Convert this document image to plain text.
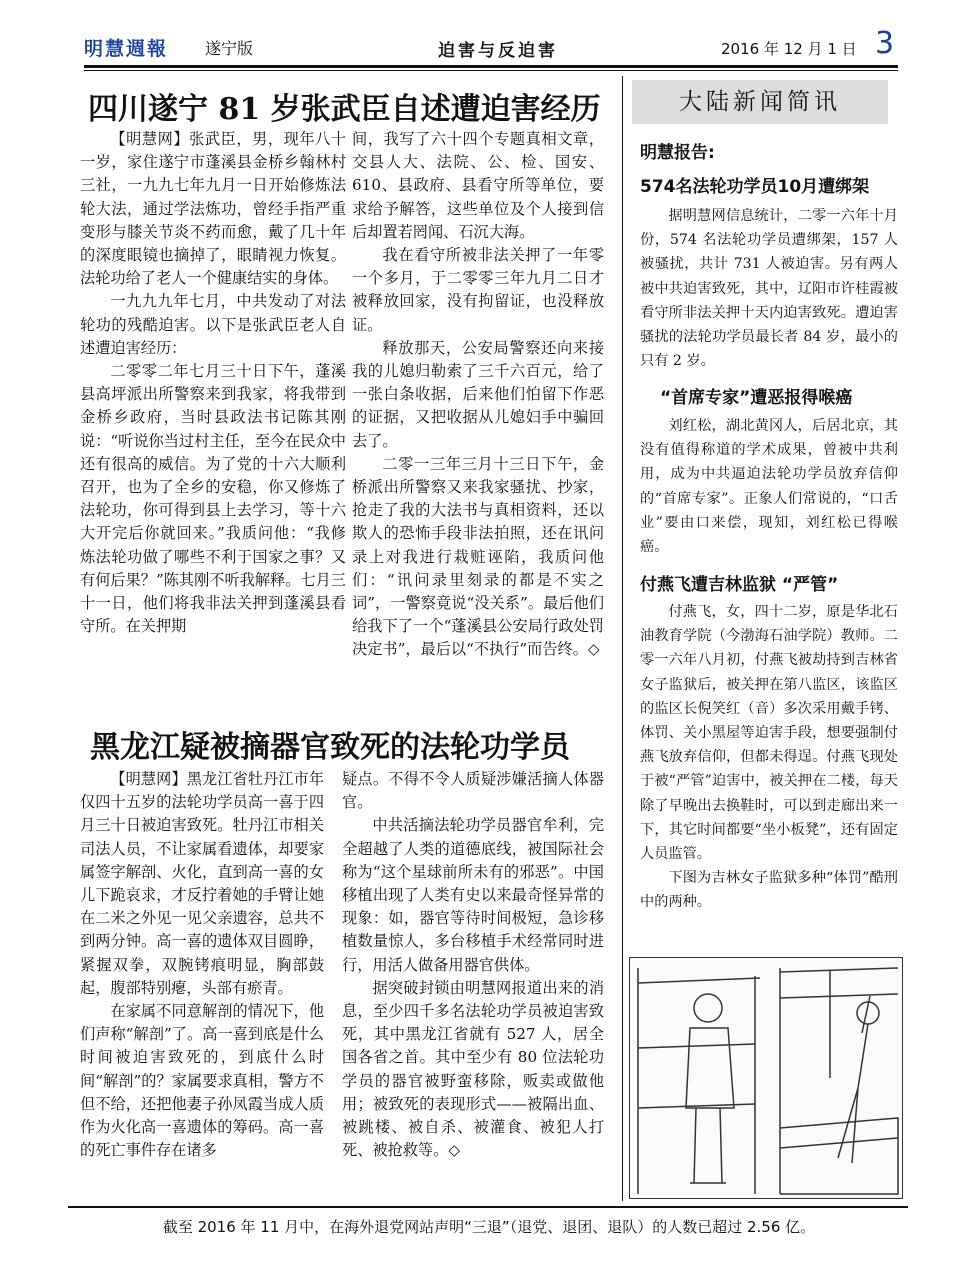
明慧週報 遂宁版	迫害与反迫害	2016 年 12 月 1 日 3
四川遂宁 81 岁张武臣自述遭迫害经历

【明慧网】张武臣，男，现年八十一岁，家住遂宁市蓬溪县金桥乡翰林村三社，一九九七年九月一日开始修炼法轮大法，通过学法炼功，曾经手指严重变形与膝关节炎不药而愈，戴了几十年的深度眼镜也摘掉了，眼睛视力恢复。法轮功给了老人一个健康结实的身体。

一九九九年七月，中共发动了对法轮功的残酷迫害。以下是张武臣老人自述遭迫害经历：

二零零二年七月三十日下午，蓬溪县高坪派出所警察来到我家，将我带到金桥乡政府，当时县政法书记陈其刚说：“听说你当过村主任，至今在民众中还有很高的威信。为了党的十六大顺利召开，也为了全乡的安稳，你又修炼了法轮功，你可得到县上去学习，等十六大开完后你就回来。”我质问他：“我修炼法轮功做了哪些不利于国家之事？又有何后果？”陈其刚不听我解释。七月三十一日，他们将我非法关押到蓬溪县看守所。在关押期

间，我写了六十四个专题真相文章，交县人大、法院、公、检、国安、610、县政府、县看守所等单位，要求给予解答，这些单位及个人接到信后却置若罔闻、石沉大海。

我在看守所被非法关押了一年零一个多月，于二零零三年九月二日才被释放回家，没有拘留证，也没释放证。

释放那天，公安局警察还向来接我的儿媳归勒索了三千六百元，给了一张白条收据，后来他们怕留下作恶的证据，又把收据从儿媳妇手中骗回去了。

二零一三年三月十三日下午，金桥派出所警察又来我家骚扰、抄家，抢走了我的大法书与真相资料，还以欺人的恐怖手段非法拍照，还在讯问录上对我进行栽赃诬陷，我质问他们：“讯问录里刻录的都是不实之词”，一警察竟说“没关系”。最后他们给我下了一个“蓬溪县公安局行政处罚决定书”，最后以“不执行”而告终。◇

黑龙江疑被摘器官致死的法轮功学员

【明慧网】黑龙江省牡丹江市年仅四十五岁的法轮功学员高一喜于四月三十日被迫害致死。牡丹江市相关司法人员，不让家属看遗体，却要家属签字解剖、火化，直到高一喜的女儿下跪哀求，才反拧着她的手臂让她在二米之外见一见父亲遗容，总共不到两分钟。高一喜的遗体双目圆睁，紧握双拳，双腕铐痕明显，胸部鼓起，腹部特别瘪，头部有瘀青。

在家属不同意解剖的情况下，他们声称“解剖”了。高一喜到底是什么时间被迫害致死的，到底什么时间“解剖”的？家属要求真相，警方不但不给，还把他妻子孙凤霞当成人质作为火化高一喜遗体的筹码。高一喜的死亡事件存在诸多

疑点。不得不令人质疑涉嫌活摘人体器官。

中共活摘法轮功学员器官牟利，完全超越了人类的道德底线，被国际社会称为“这个星球前所未有的邪恶”。中国移植出现了人类有史以来最奇怪异常的现象：如，器官等待时间极短，急诊移植数量惊人，多台移植手术经常同时进行，用活人做备用器官供体。

据突破封锁由明慧网报道出来的消息，至少四千多名法轮功学员被迫害致死，其中黑龙江省就有 527 人，居全国各省之首。其中至少有 80 位法轮功学员的器官被野蛮移除，贩卖或做他用；被致死的表现形式——被隔出血、被跳楼、被自杀、被灌食、被犯人打死、被抢救等。◇

大陆新闻简讯
明慧报告:
574名法轮功学员10月遭绑架

据明慧网信息统计，二零一六年十月份，574 名法轮功学员遭绑架，157 人被骚扰，共计 731 人被迫害。另有两人被中共迫害致死，其中，辽阳市许桂霞被看守所非法关押十天内迫害致死。遭迫害骚扰的法轮功学员最长者 84 岁，最小的只有 2 岁。

“首席专家”遭恶报得喉癌

刘红松，湖北黄冈人，后居北京，其没有值得称道的学术成果，曾被中共利用，成为中共逼迫法轮功学员放弃信仰的“首席专家”。正象人们常说的，“口舌业”要由口来偿，现知，刘红松已得喉癌。

付燕飞遭吉林监狱 “严管”

付燕飞，女，四十二岁，原是华北石油教育学院（今渤海石油学院）教师。二零一六年八月初，付燕飞被劫持到吉林省女子监狱后，被关押在第八监区，该监区的监区长倪笑红（音）多次采用戴手铐、体罚、关小黑屋等迫害手段，想要强制付燕飞放弃信仰，但都未得逞。付燕飞现处于被“严管”迫害中，被关押在二楼，每天除了早晚出去换鞋时，可以到走廊出来一下，其它时间都要“坐小板凳”，还有固定人员监管。

下图为吉林女子监狱多种“体罚”酷刑中的两种。

截至 2016 年 11 月中，在海外退党网站声明“三退”（退党、退团、退队）的人数已超过 2.56 亿。
